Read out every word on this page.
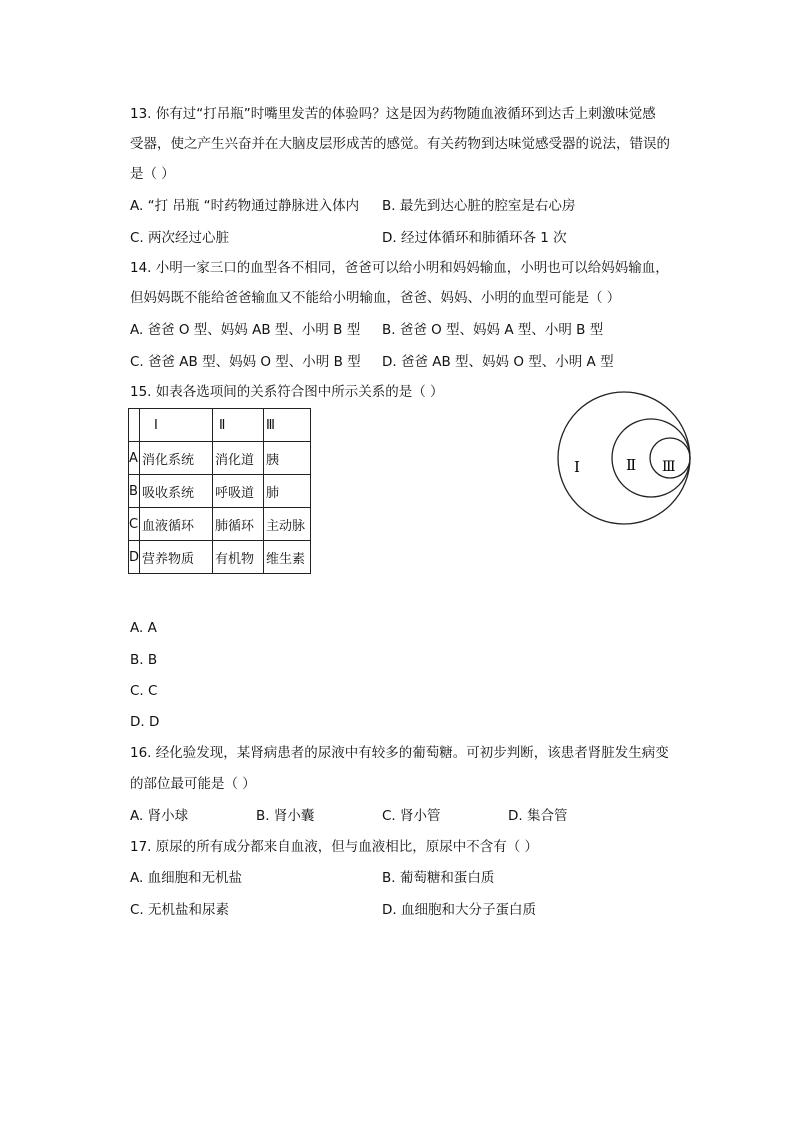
13. 你有过“打吊瓶”时嘴里发苦的体验吗？这是因为药物随血液循环到达舌上刺激味觉感
受器，使之产生兴奋并在大脑皮层形成苦的感觉。有关药物到达味觉感受器的说法，错误的
是（ ）
A. “打 吊瓶 “时药物通过静脉进入体内 B. 最先到达心脏的腔室是右心房
C. 两次经过心脏	D. 经过体循环和肺循环各 1 次
14. 小明一家三口的血型各不相同，爸爸可以给小明和妈妈输血，小明也可以给妈妈输血，
但妈妈既不能给爸爸输血又不能给小明输血，爸爸、妈妈、小明的血型可能是（ ）
A. 爸爸 O 型、妈妈 AB 型、小明 B 型 B. 爸爸 O 型、妈妈 A 型、小明 B 型
C. 爸爸 AB 型、妈妈 O 型、小明 B 型 D. 爸爸 AB 型、妈妈 O 型、小明 A 型
15. 如表各选项间的关系符合图中所示关系的是（ ）
	Ⅰ	Ⅱ	Ⅲ
A	消化系统	消化道	胰
B	吸收系统	呼吸道	肺
C	血液循环	肺循环	主动脉
D	营养物质	有机物	维生素
Ⅰ	Ⅱ Ⅲ
A. A
B. B
C. C
D. D
16. 经化验发现，某肾病患者的尿液中有较多的葡萄糖。可初步判断，该患者肾脏发生病变
的部位最可能是（ ）
A. 肾小球	B. 肾小囊	C. 肾小管	D. 集合管
17. 原尿的所有成分都来自血液，但与血液相比，原尿中不含有（ ）
A. 血细胞和无机盐	B. 葡萄糖和蛋白质
C. 无机盐和尿素	D. 血细胞和大分子蛋白质
